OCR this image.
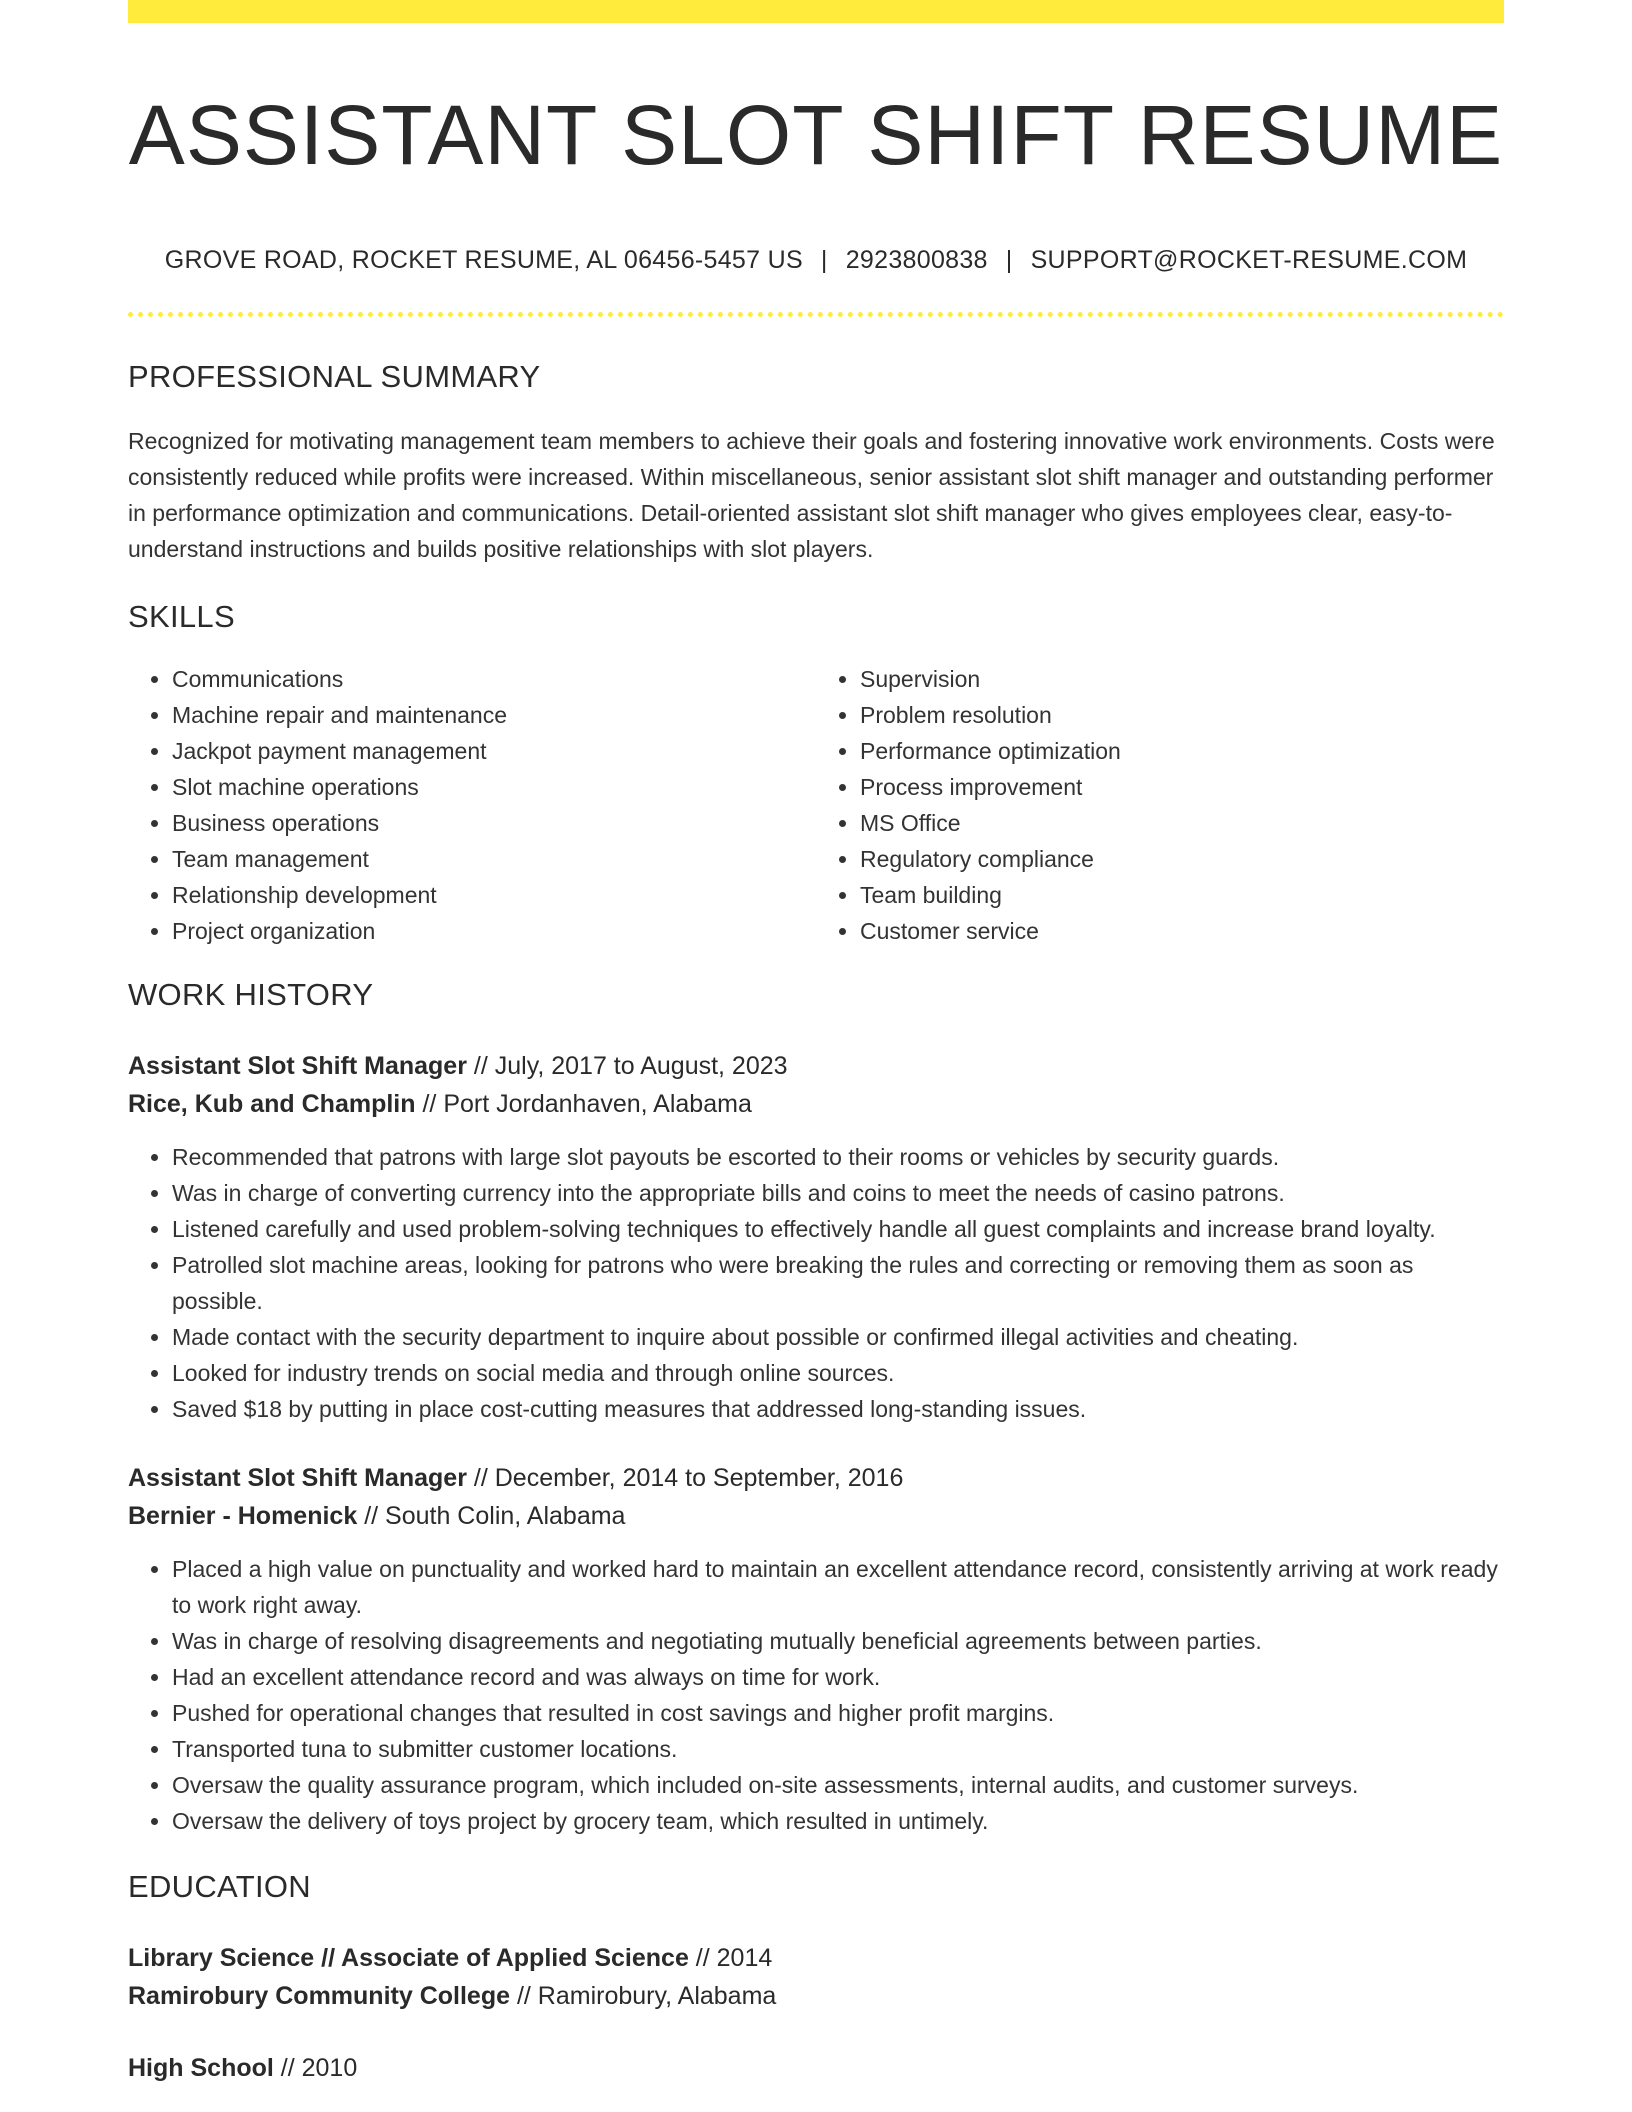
ASSISTANT SLOT SHIFT RESUME
GROVE ROAD, ROCKET RESUME, AL 06456-5457 US | 2923800838 | SUPPORT@ROCKET-RESUME.COM
PROFESSIONAL SUMMARY
Recognized for motivating management team members to achieve their goals and fostering innovative work environments. Costs were consistently reduced while profits were increased. Within miscellaneous, senior assistant slot shift manager and outstanding performer in performance optimization and communications. Detail-oriented assistant slot shift manager who gives employees clear, easy-to-understand instructions and builds positive relationships with slot players.
SKILLS
• Communications
• Machine repair and maintenance
• Jackpot payment management
• Slot machine operations
• Business operations
• Team management
• Relationship development
• Project organization
• Supervision
• Problem resolution
• Performance optimization
• Process improvement
• MS Office
• Regulatory compliance
• Team building
• Customer service
WORK HISTORY
Assistant Slot Shift Manager // July, 2017 to August, 2023
Rice, Kub and Champlin // Port Jordanhaven, Alabama
• Recommended that patrons with large slot payouts be escorted to their rooms or vehicles by security guards.
• Was in charge of converting currency into the appropriate bills and coins to meet the needs of casino patrons.
• Listened carefully and used problem-solving techniques to effectively handle all guest complaints and increase brand loyalty.
• Patrolled slot machine areas, looking for patrons who were breaking the rules and correcting or removing them as soon as possible.
• Made contact with the security department to inquire about possible or confirmed illegal activities and cheating.
• Looked for industry trends on social media and through online sources.
• Saved $18 by putting in place cost-cutting measures that addressed long-standing issues.
Assistant Slot Shift Manager // December, 2014 to September, 2016
Bernier - Homenick // South Colin, Alabama
• Placed a high value on punctuality and worked hard to maintain an excellent attendance record, consistently arriving at work ready to work right away.
• Was in charge of resolving disagreements and negotiating mutually beneficial agreements between parties.
• Had an excellent attendance record and was always on time for work.
• Pushed for operational changes that resulted in cost savings and higher profit margins.
• Transported tuna to submitter customer locations.
• Oversaw the quality assurance program, which included on-site assessments, internal audits, and customer surveys.
• Oversaw the delivery of toys project by grocery team, which resulted in untimely.
EDUCATION
Library Science // Associate of Applied Science // 2014
Ramirobury Community College // Ramirobury, Alabama
High School // 2010
